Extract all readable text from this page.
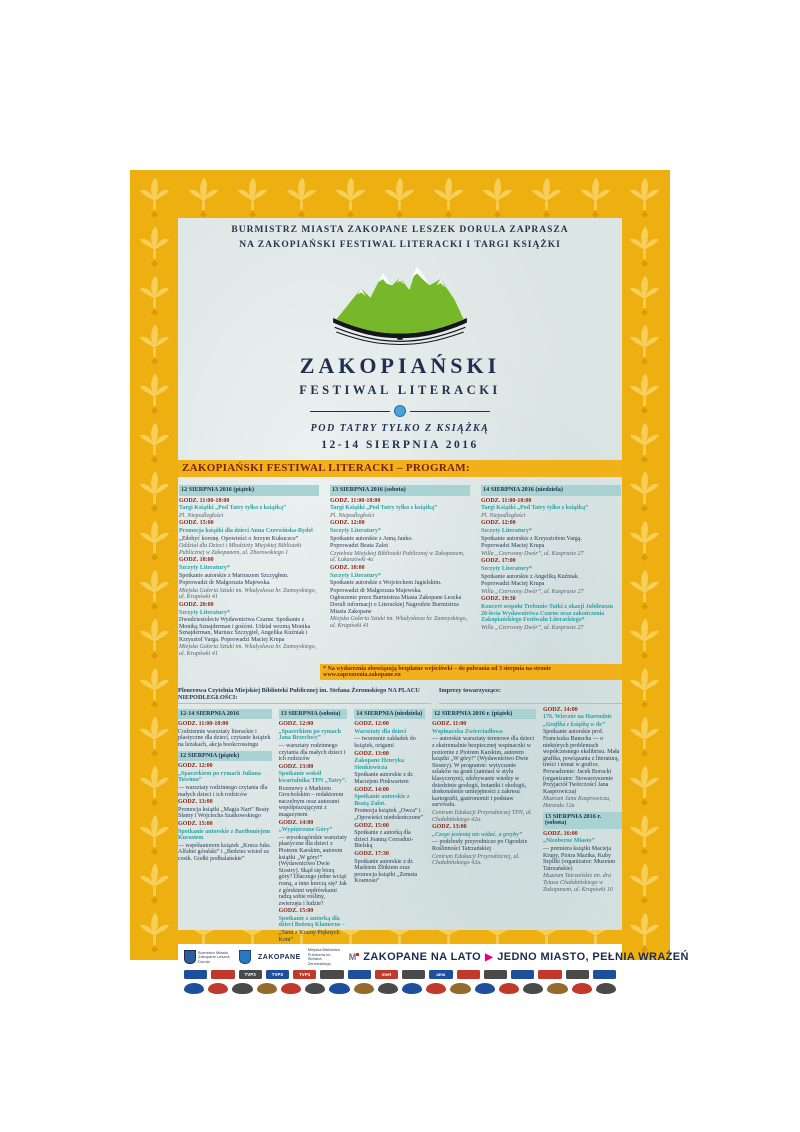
BURMISTRZ MIASTA ZAKOPANE LESZEK DORULA ZAPRASZA
NA ZAKOPIAŃSKI FESTIWAL LITERACKI I TARGI KSIĄŻKI
ZAKOPIAŃSKI
FESTIWAL LITERACKI
POD TATRY TYLKO Z KSIĄŻKĄ
12-14 SIERPNIA 2016
ZAKOPIAŃSKI FESTIWAL LITERACKI – PROGRAM:
12 SIERPNIA 2016 (piątek)
GODZ. 11:00-18:00
Targi Książki „Pod Tatry tylko z książką”
Pl. Niepodległości
GODZ. 15:00
Promocja książki dla dzieci Anna Czerwińska-Rydel
„Zdobyć koronę. Opowieści o Jerzym Kukuczce”
Oddział dla Dzieci i Młodzieży Miejskiej Biblioteki Publicznej w Zakopanem, ul. Zborowskiego 1
GODZ. 18:00
Szczyty Literatury*
Spotkanie autorskie z Mariuszem Szczygłem.
Poprowadzi dr Małgorzata Majewska.
Miejska Galeria Sztuki im. Władysława hr. Zamoyskiego, ul. Krupówki 41
GODZ. 20:00
Szczyty Literatury*
Dwudziestolecie Wydawnictwa Czarne. Spotkanie z Moniką Sznajderman i gośćmi. Udział wezmą Monika Sznajderman, Mariusz Szczygieł, Angelika Kuźniak i Krzysztof Varga. Poprowadzi Maciej Krupa
Miejska Galeria Sztuki im. Władysława hr. Zamoyskiego, ul. Krupówki 41
13 SIERPNIA 2016 (sobota)
GODZ. 11:00-18:00
Targi Książki „Pod Tatry tylko z książką”
Pl. Niepodległości
GODZ. 12:00
Szczyty Literatury*
Spotkanie autorskie z Anną Janko.
Poprowadzi Beata Zalot
Czytelnia Miejskiej Biblioteki Publicznej w Zakopanem, ul. Łukaszówki 4a
GODZ. 18:00
Szczyty Literatury*
Spotkanie autorskie z Wojciechem Jagielskim.
Poprowadzi dr Małgorzata Majewska.
Ogłoszenie przez Burmistrza Miasta Zakopane Leszka Doruli informacji o Literackiej Nagrodzie Burmistrza Miasta Zakopane
Miejska Galeria Sztuki im. Władysława hr. Zamoyskiego, ul. Krupówki 41
14 SIERPNIA 2016 (niedziela)
GODZ. 11:00-18:00
Targi Książki „Pod Tatry tylko z książką”
Pl. Niepodległości
GODZ. 12:00
Szczyty Literatury*
Spotkanie autorskie z Krzysztofem Vargą.
Poprowadzi Maciej Krupa
Willa „Czerwony Dwór”, ul. Kasprusie 27
GODZ. 17:00
Szczyty Literatury*
Spotkanie autorskie z Angeliką Kuźniak.
Poprowadzi Maciej Krupa
Willa „Czerwony Dwór”, ul. Kasprusie 27
GODZ. 19:30
Koncert zespołu Trebunie-Tutki z okazji Jubileuszu 20-lecia Wydawnictwa Czarne oraz zakończenia Zakopiańskiego Festiwalu Literackiego*
Willa „Czerwony Dwór”, ul. Kasprusie 27
* Na wydarzenia obowiązują bezpłatne wejściówki – do pobrania od 3 sierpnia na stronie www.zaproszenia.zakopane.eu
Plenerowa Czytelnia Miejskiej Biblioteki Publicznej im. Stefana Żeromskiego NA PLACU NIEPODLEGŁOŚCI:
Imprezy towarzyszące:
12-14 SIERPNIA 2016
GODZ. 11:00-18:00
Codziennie warsztaty literackie i plastyczne dla dzieci, czytanie książek na leżakach, akcja bookcrossingu
12 SIERPNIA (piątek)
GODZ. 12:00
„Spacerkiem po rymach Juliana Tuwima”
— warsztaty rodzinnego czytania dla małych dzieci i ich rodziców
GODZ. 13:00
Promocja książki „Magia Nart” Beaty Słamy i Wojciecha Szatkowskiego
GODZ. 15:00
Spotkanie autorskie z Bartłomiejem Kurasiem
— współautorem książek „Kruca fuks. Alfabet góralski” i „Bedzies wisioł za cosik. Godki podhalańskie”
13 SIERPNIA (sobota)
GODZ. 12:00
„Spacerkiem po rymach Jana Brzechwy”
— warsztaty rodzinnego czytania dla małych dzieci i ich rodziców
GODZ. 13:00
Spotkanie wokół kwartalnika TPN „Tatry”.
Rozmowy z Markiem Grocholskim – redaktorem naczelnym oraz autorami współpracującymi z magazynem
GODZ. 14:00
„Wypiętrzone Góry”
— wysokogórskie warsztaty plastyczne dla dzieci z Piotrem Karskim, autorem książki „W góry!” (Wydawnictwo Dwie Siostry). Skąd się biorą góry? Dlaczego jedne wciąż rosną, a inne kurczą się? Jak z górskimi wędrówkami radzą sobie rośliny, zwierzęta i ludzie?
GODZ. 15:00
Spotkanie z autorką dla dzieci Bożeną Klamerus –
„Tami z Krainy Pięknych Koni”
14 SIERPNIA (niedziela)
GODZ. 12:00
Warsztaty dla dzieci
— tworzenie zakładek do książek, origami
GODZ. 13:00
Zakopane Henryka Sienkiewicza
Spotkanie autorskie z dr. Maciejem Pinkwartem
GODZ. 14:00
Spotkanie autorskie z Beatą Zalot.
Promocja książek „Owca” i „Opowieści niedokończone”
GODZ. 15:00
Spotkanie z autorką dla dzieci Joanną Corradini-Bielską
GODZ. 17:30
Spotkanie autorskie z dr. Markiem Żbikiem oraz promocja książki „Zemsta Kosmosu”
12 SIERPNIA 2016 r. (piątek)
GODZ. 11:00
Wspinaczka Zwierciadłowa
— autorskie warsztaty terenowe dla dzieci z ekstremalnie bezpiecznej wspinaczki w poziomie z Piotrem Karskim, autorem książki „W góry!” (Wydawnictwo Dwie Siostry). W programie: wytyczanie szlaków na grani (zamiast w stylu klasycznym), zdobywanie wiedzy w dziedzinie geologii, botaniki i ekologii, doskonalenie umiejętności z zakresu kartografii, gastronomii i podstaw survivalu.
Centrum Edukacji Przyrodniczej TPN, ul. Chałubińskiego 42a.
GODZ. 13:00
„Czego jesienią nie widać, a grzyby”
— podchody przyrodnicze po Ogrodzie Roślinności Tatrzańskiej
Centrum Edukacji Przyrodniczej, ul. Chałubińskiego 42a.
GODZ. 14:00
176. Wieczór na Harendzie
„Grafika z książką w tle”
Spotkanie autorskie prof. Franciszka Bunscha — o niektórych problemach współczesnego ekslibrisu. Mała grafika, powiązania z literaturą, treści i temat w grafice. Prowadzenie: Jacek Borucki (organizator: Stowarzyszenie Przyjaciół Twórczości Jana Kasprowicza)
Muzeum Jana Kasprowicza, Harenda 12a
13 SIERPNIA 2016 r. (sobota)
GODZ. 16:00
„Nieobecne Miasto”
— premiera książki Macieja Krupy, Piotra Mazika, Kuby Szpilki (organizator: Muzeum Tatrzańskie)
Muzeum Tatrzańskie im. dra Tytusa Chałubińskiego w Zakopanem, ul. Krupówki 10
Burmistrz Miasta Zakopane Leszek Dorula
ZAKOPANE
Miejska Biblioteka Publiczna im. Stefana Żeromskiego
M ZAKOPANE NA LATO ▶ JEDNO MIASTO, PEŁNIA WRAŻEŃ
TVP3	TVP3	TVP3	onet	ams
